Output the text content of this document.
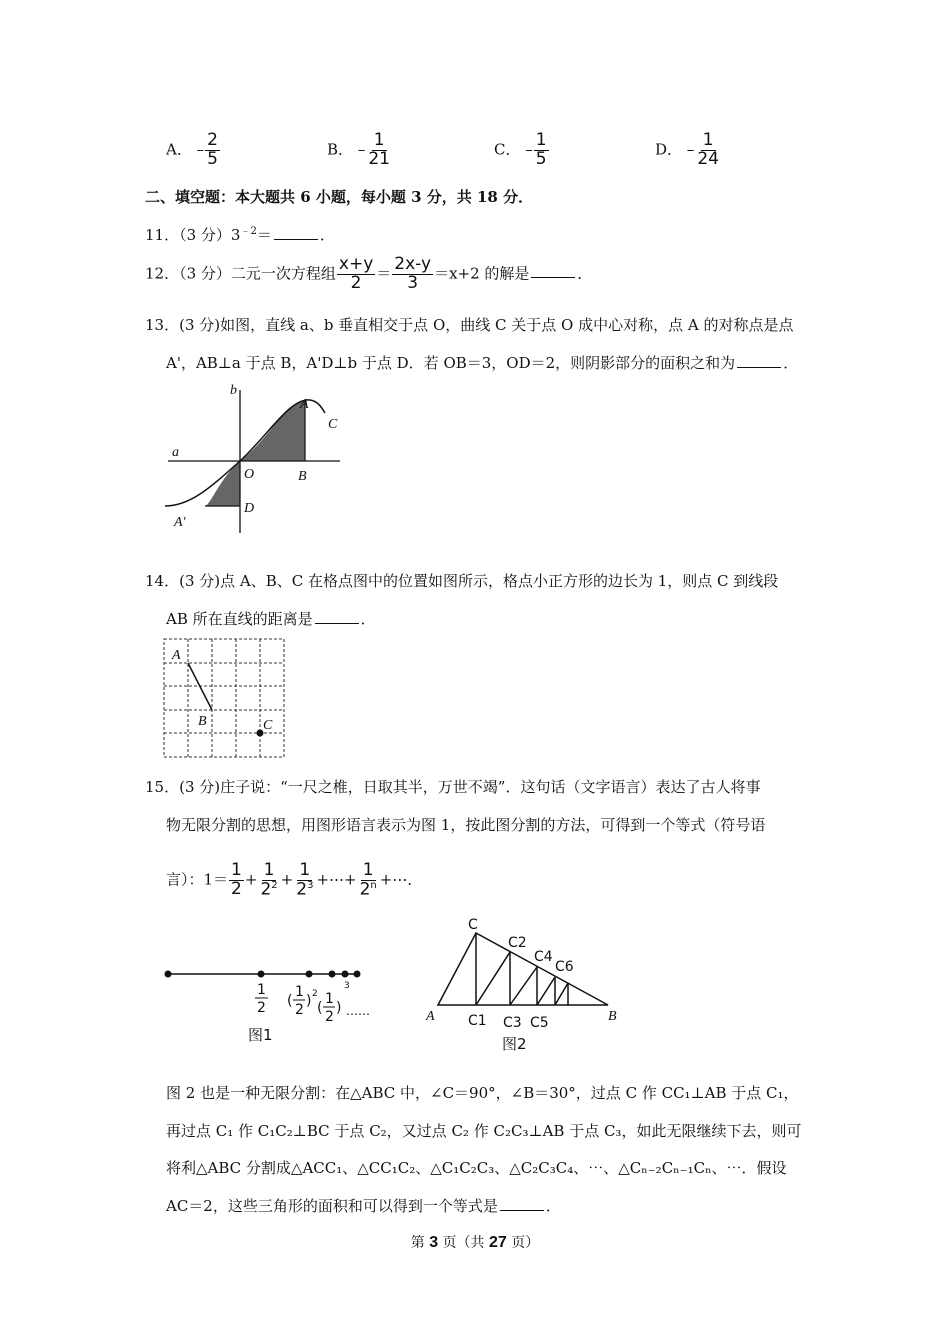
A． – $\frac{2}{5}$	B． – $\frac{1}{21}$	C． – $\frac{1}{5}$	D． – $\frac{1}{24}$
二、填空题：本大题共 6 小题，每小题 3 分，共 18 分．
11．（3 分）$3^{﹣2}=$	．
12．（3 分）二元一次方程组 $\frac{x+y}{2} = \frac{2x-y}{3} =x+2$ 的解是	．
13．(3 分)如图，直线 a、b 垂直相交于点 O，曲线 C 关于点 O 成中心对称，点 A 的对称点是点
A'，AB⊥a 于点 B，A'D⊥b 于点 D．若 OB＝3，OD＝2，则阴影部分的面积之和为	．
b
a
A
C
O	B
D
A'
14．(3 分)点 A、B、C 在格点图中的位置如图所示，格点小正方形的边长为 1，则点 C 到线段
AB 所在直线的距离是	．
A
B	C
15．(3 分)庄子说：“一尺之椎，日取其半，万世不竭”．这句话（文字语言）表达了古人将事
物无限分割的思想，用图形语言表示为图 1，按此图分割的方法，可得到一个等式（符号语
言）：$1= \frac{1}{2} + \frac{1}{2^2} + \frac{1}{2^3}$ +⋯+ $\frac{1}{2^n}$ +⋯．
1
2 (
1
2
) 2
(
1
2
)
3
……
图1
C
A	B
C2
C4
C6
C1 C3 C5
图2
图 2 也是一种无限分割：在△ABC 中，∠C＝90°，∠B＝30°，过点 C 作 CC₁⊥AB 于点 C₁，
再过点 C₁ 作 C₁C₂⊥BC 于点 C₂，又过点 C₂ 作 C₂C₃⊥AB 于点 C₃，如此无限继续下去，则可
将利△ABC 分割成△ACC₁、△CC₁C₂、△C₁C₂C₃、△C₂C₃C₄、⋯、△Cₙ₋₂Cₙ₋₁Cₙ、⋯．假设
AC＝2，这些三角形的面积和可以得到一个等式是	．
第 3 页（共 27 页）
